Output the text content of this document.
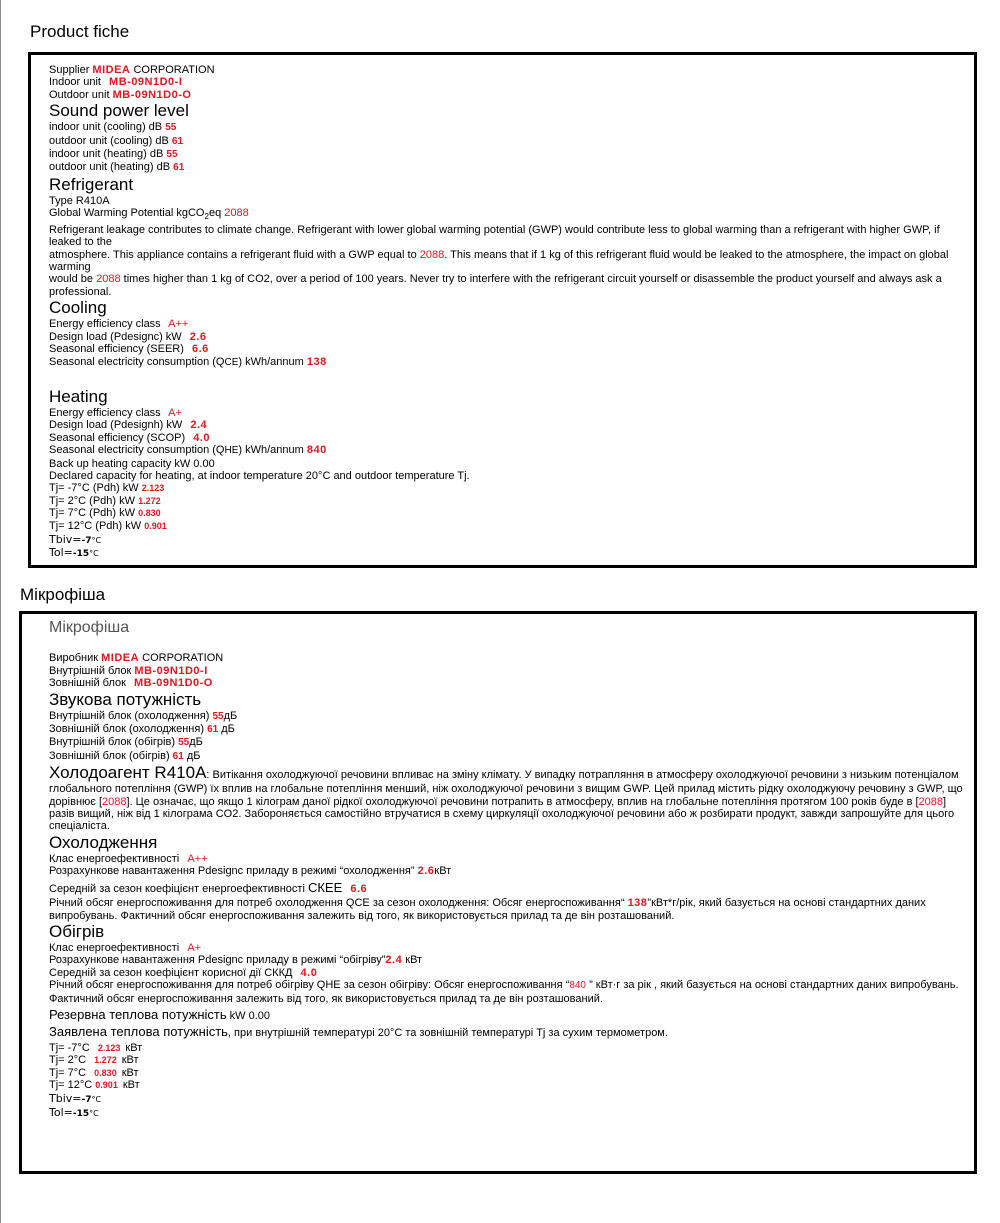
Product fiche
Supplier MIDEA CORPORATION
Indoor unit MB-09N1D0-I
Outdoor unit MB-09N1D0-O
Sound power level
indoor unit (cooling) dB 55
outdoor unit (cooling) dB 61
indoor unit (heating) dB 55
outdoor unit (heating) dB 61
Refrigerant
Type R410A
Global Warming Potential kgCO$_2$eq 2088
Refrigerant leakage contributes to climate change. Refrigerant with lower global warming potential (GWP) would contribute less to global warming than a refrigerant with higher GWP, if leaked to the
atmosphere. This appliance contains a refrigerant fluid with a GWP equal to 2088. This means that if 1 kg of this refrigerant fluid would be leaked to the atmosphere, the impact on global warming
would be 2088 times higher than 1 kg of CO2, over a period of 100 years. Never try to interfere with the refrigerant circuit yourself or disassemble the product yourself and always ask a professional.
Cooling
Energy efficiency class A++
Design load (Pdesignc) kW 2.6
Seasonal efficiency (SEER) 6.6
Seasonal electricity consumption (QCE) kWh/annum 138
Heating
Energy efficiency class A+
Design load (Pdesignh) kW 2.4
Seasonal efficiency (SCOP) 4.0
Seasonal electricity consumption (QHE) kWh/annum 840
Back up heating capacity kW 0.00
Declared capacity for heating, at indoor temperature 20°C and outdoor temperature Tj.
Tj= -7°C (Pdh) kW 2.123
Tj= 2°C (Pdh) kW 1.272
Tj= 7°C (Pdh) kW 0.830
Tj= 12°C (Pdh) kW 0.901
Tbiv=-7°C
Tol=-15°C
Мікрофіша
Мікрофіша
Виробник MIDEA CORPORATION
Внутрішній блок MB-09N1D0-I
Зовнішній блок MB-09N1D0-O
Звукова потужність
Внутрішній блок (охолодження) 55дБ
Зовнішній блок (охолодження) 61 дБ
Внутрішній блок (обігрів) 55дБ
Зовнішній блок (обігрів) 61 дБ
Холодоагент R410A: Витікання охолоджуючої речовини впливає на зміну клімату. У випадку потрапляння в атмосферу охолоджуючої речовини з низьким потенціалом глобального потепління (GWP) їх вплив на глобальне потепління менший, ніж охолоджуючої речовини з вищим GWP. Цей прилад містить рідку охолоджуючу речовину з GWP, що дорівнює [2088]. Це означає, що якщо 1 кілограм даної рідкої охолоджуючої речовини потрапить в атмосферу, вплив на глобальне потепління протягом 100 років буде в [2088] разів вищий, ніж від 1 кілограма CO2. Забороняється самостійно втручатися в схему циркуляції охолоджуючої речовини або ж розбирати продукт, завжди запрошуйте для цього спеціаліста.
Охолодження
Клас енергоефективності A++
Розрахункове навантаження Pdesignc приладу в режимі “охолодження” 2.6кВт
Середній за сезон коефіцієнт енергоефективності СКЕЕ 6.6
Річний обсяг енергоспоживання для потреб охолодження QCE за сезон охолодження: Обсяг енергоспоживання“ 138”кВт*г/рік, який базується на основі стандартних даних випробувань. Фактичний обсяг енергоспоживання залежить від того, як використовується прилад та де він розташований.
Обігрів
Клас енергоефективності A+
Розрахункове навантаження Pdesignc приладу в режимі “обігріву”2.4 кВт
Середній за сезон коефіцієнт корисної дії СККД 4.0
Річний обсяг енергоспоживання для потреб обігріву QHE за сезон обігріву: Обсяг енергоспоживання “840 ” кВт·г за рік , який базується на основі стандартних даних випробувань. Фактичний обсяг енергоспоживання залежить від того, як використовується прилад та де він розташований.
Резервна теплова потужність kW 0.00
Заявлена теплова потужність, при внутрішній температурі 20°C та зовнішній температурі Tj за сухим термометром.
Tj= -7°C 2.123 кВт
Tj= 2°C 1.272 кВт
Tj= 7°C 0.830 кВт
Tj= 12°C 0.901 кВт
Tbiv=-7°C
Tol=-15°C
